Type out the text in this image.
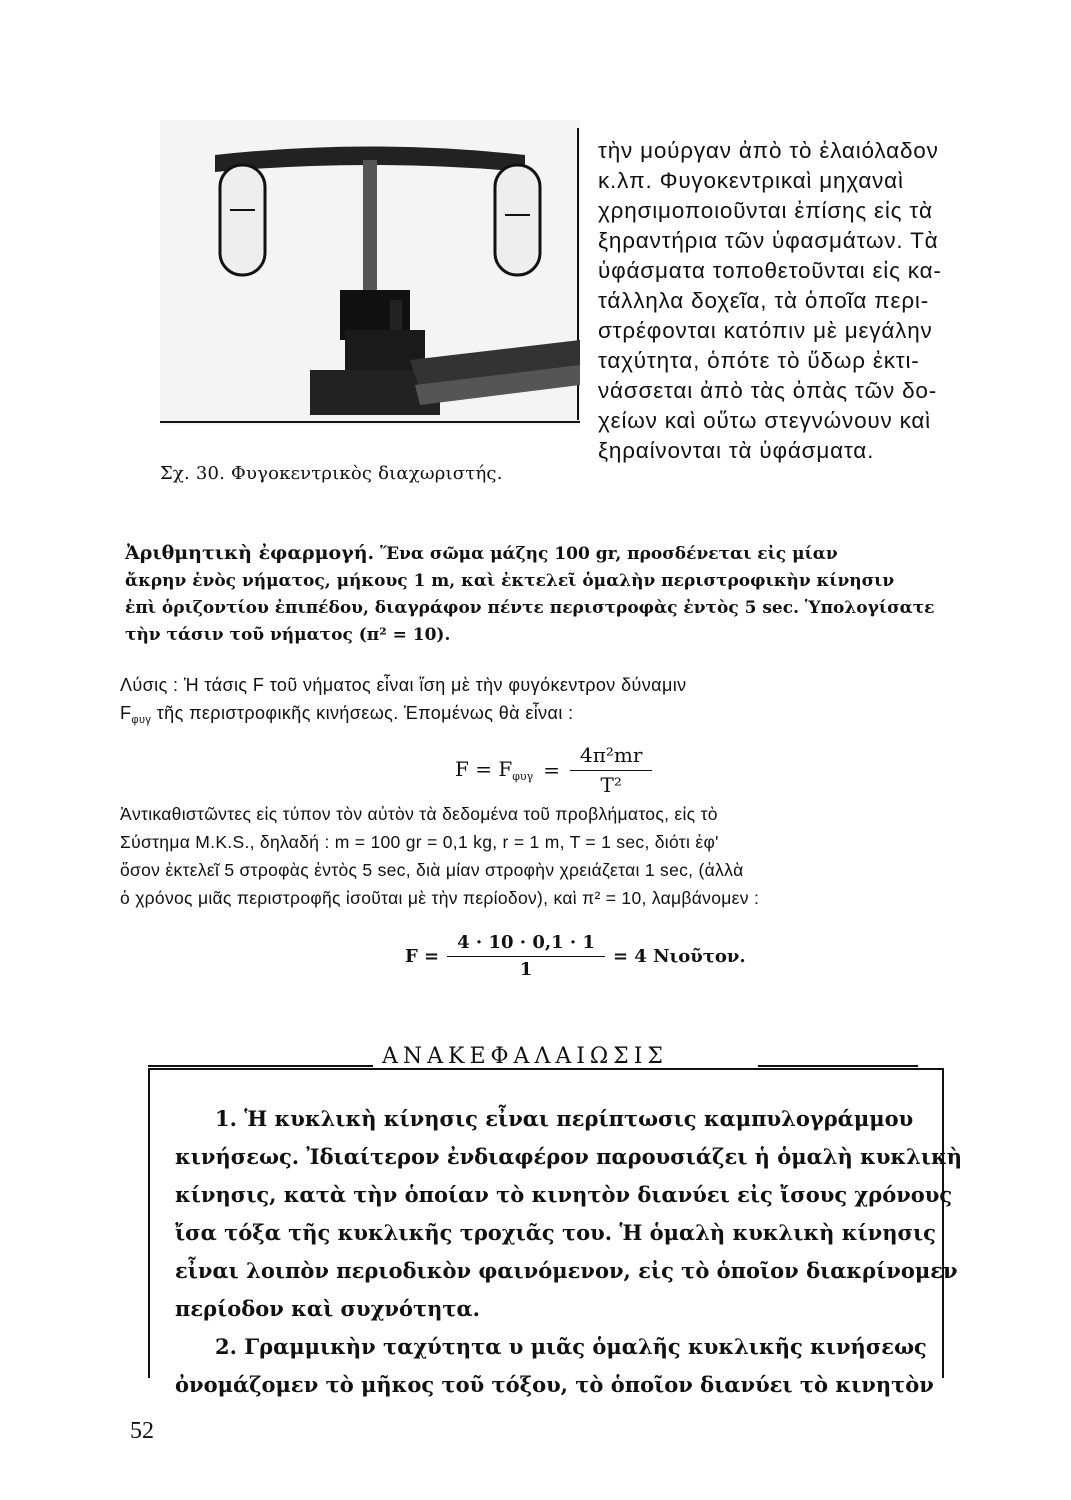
Σχ. 30. Φυγοκεντρικὸς διαχωριστής.
τὴν μούργαν ἀπὸ τὸ ἐλαιόλαδον
κ.λπ. Φυγοκεντρικαὶ μηχαναὶ
χρησιμοποιοῦνται ἐπίσης εἰς τὰ
ξηραντήρια τῶν ὑφασμάτων. Τὰ
ὑφάσματα τοποθετοῦνται εἰς κα-
τάλληλα δοχεῖα, τὰ ὁποῖα περι-
στρέφονται κατόπιν μὲ μεγάλην
ταχύτητα, ὁπότε τὸ ὕδωρ ἐκτι-
νάσσεται ἀπὸ τὰς ὀπὰς τῶν δο-
χείων καὶ οὕτω στεγνώνουν καὶ
ξηραίνονται τὰ ὑφάσματα.
Ἀριθμητικὴ ἐφαρμογή. Ἕνα σῶμα μάζης 100 gr, προσδένεται εἰς μίαν
ἄκρην ἑνὸς νήματος, μήκους 1 m, καὶ ἐκτελεῖ ὁμαλὴν περιστροφικὴν κίνησιν
ἐπὶ ὁριζοντίου ἐπιπέδου, διαγράφον πέντε περιστροφὰς ἐντὸς 5 sec. Ὑπολογίσατε
τὴν τάσιν τοῦ νήματος (π² = 10).
Λύσις : Ἡ τάσις F τοῦ νήματος εἶναι ἴση μὲ τὴν φυγόκεντρον δύναμιν
$F_{\varphi\upsilon\gamma}$ τῆς περιστροφικῆς κινήσεως. Ἑπομένως θὰ εἶναι :
$F = F_{\varphi\upsilon\gamma} = \frac{\text{4π²mr}}{\text{T²}}$
Ἀντικαθιστῶντες εἰς τύπον τὸν αὐτὸν τὰ δεδομένα τοῦ προβλήματος, εἰς τὸ
Σύστημα M.K.S., δηλαδή : m = 100 gr = 0,1 kg, r = 1 m, T = 1 sec, διότι ἐφ'
ὅσον ἐκτελεῖ 5 στροφὰς ἐντὸς 5 sec, διὰ μίαν στροφὴν χρειάζεται 1 sec, (ἀλλὰ
ὁ χρόνος μιᾶς περιστροφῆς ἰσοῦται μὲ τὴν περίοδον), καὶ π² = 10, λαμβάνομεν :
$F = \frac{4 \cdot 10 \cdot 0,1 \cdot 1}{1} = 4$ Νιοῦτον.
ΑΝΑΚΕΦΑΛΑΙΩΣΙΣ
1. Ἡ κυκλικὴ κίνησις εἶναι περίπτωσις καμπυλογράμμου
κινήσεως. Ἰδιαίτερον ἐνδιαφέρον παρουσιάζει ἡ ὁμαλὴ κυκλικὴ
κίνησις, κατὰ τὴν ὁποίαν τὸ κινητὸν διανύει εἰς ἴσους χρόνους
ἴσα τόξα τῆς κυκλικῆς τροχιᾶς του. Ἡ ὁμαλὴ κυκλικὴ κίνησις
εἶναι λοιπὸν περιοδικὸν φαινόμενον, εἰς τὸ ὁποῖον διακρίνομεν
περίοδον καὶ συχνότητα.
2. Γραμμικὴν ταχύτητα υ μιᾶς ὁμαλῆς κυκλικῆς κινήσεως
ὀνομάζομεν τὸ μῆκος τοῦ τόξου, τὸ ὁποῖον διανύει τὸ κινητὸν
52
